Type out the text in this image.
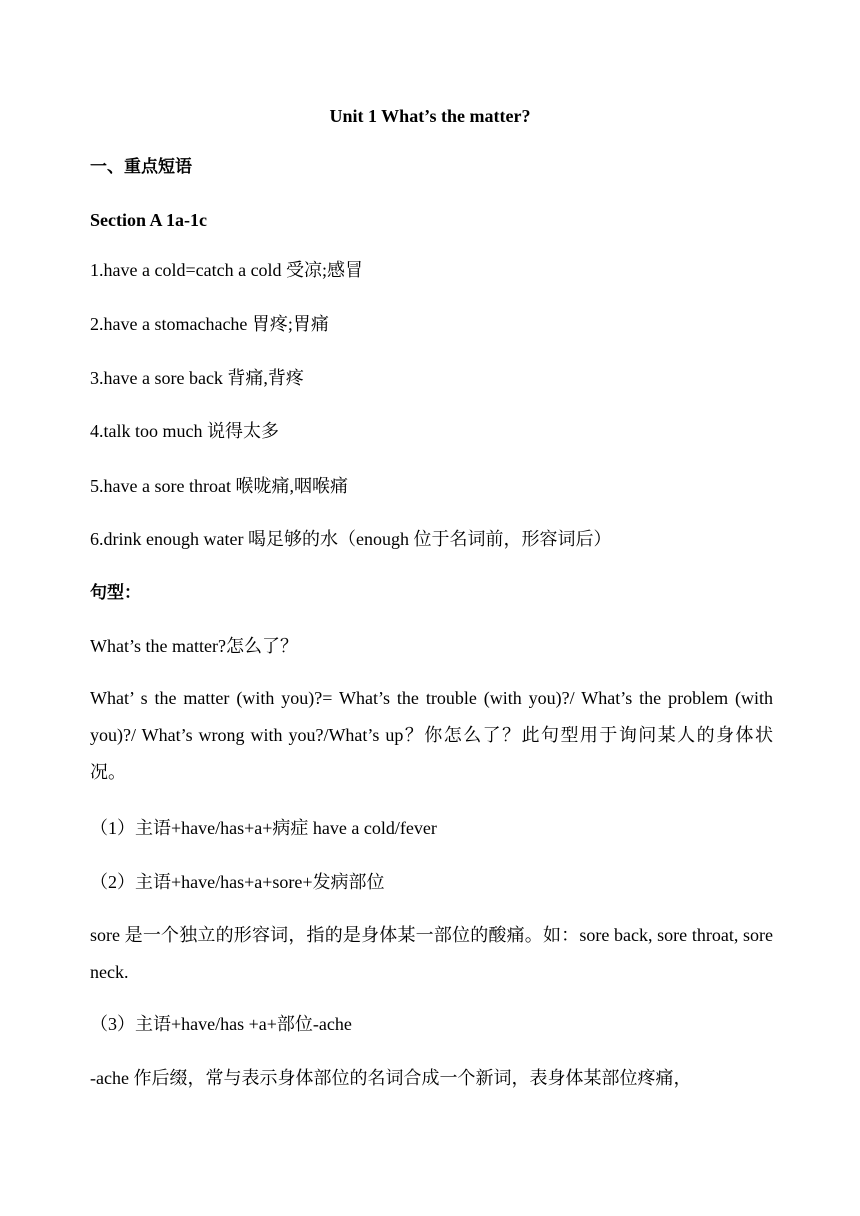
Unit 1 What’s the matter?
一、重点短语
Section A 1a-1c
1.have a cold=catch a cold 受凉;感冒
2.have a stomachache 胃疼;胃痛
3.have a sore back 背痛,背疼
4.talk too much 说得太多
5.have a sore throat 喉咙痛,咽喉痛
6.drink enough water 喝足够的水（enough 位于名词前，形容词后）
句型：
What’s the matter?怎么了？
What’ s the matter (with you)?= What’s the trouble (with you)?/ What’s the problem (with you)?/ What’s wrong with you?/What’s up？你怎么了？此句型用于询问某人的身体状况。
（1）主语+have/has+a+病症 have a cold/fever
（2）主语+have/has+a+sore+发病部位
sore 是一个独立的形容词，指的是身体某一部位的酸痛。如：sore back, sore throat, sore neck.
（3）主语+have/has +a+部位-ache
-ache 作后缀，常与表示身体部位的名词合成一个新词，表身体某部位疼痛，
